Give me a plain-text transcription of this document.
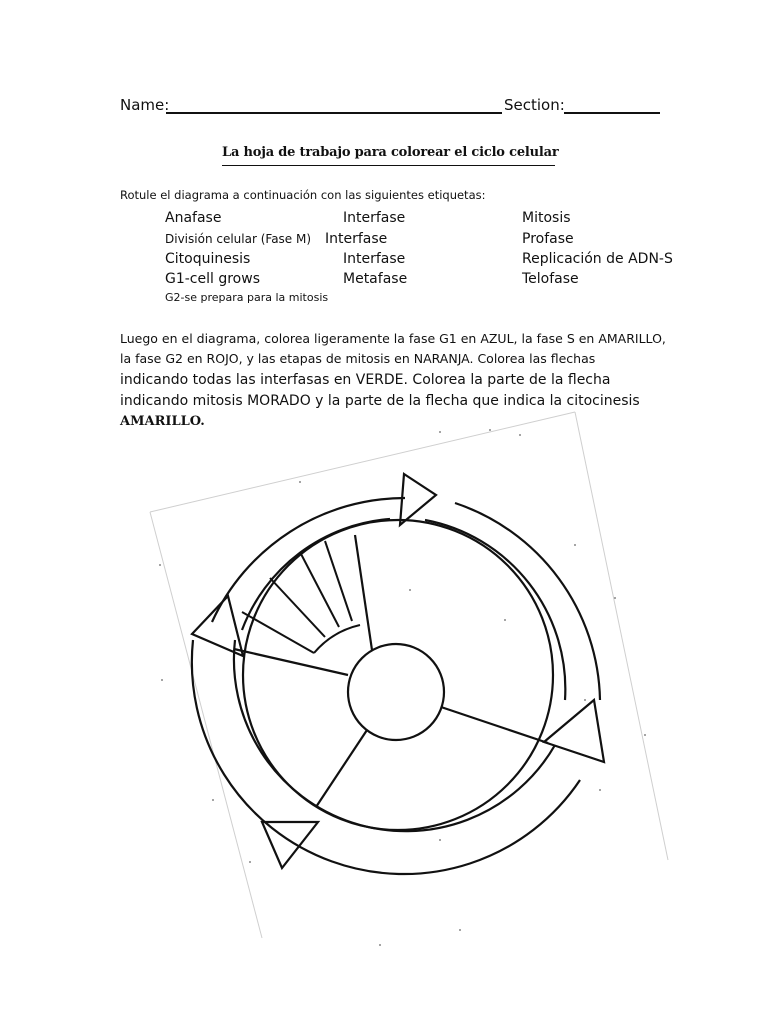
Name:	Section:
La hoja de trabajo para colorear el ciclo celular
Rotule el diagrama a continuación con las siguientes etiquetas:
Anafase
División celular (Fase M)
Citoquinesis
G1-cell grows
G2-se prepara para la mitosis
Interfase
Interfase
Interfase
Metafase
Mitosis
Profase
Replicación de ADN-S
Telofase
Luego en el diagrama, colorea ligeramente la fase G1 en AZUL, la fase S en AMARILLO,
la fase G2 en ROJO, y las etapas de mitosis en NARANJA. Colorea las flechas
indicando todas las interfasas en VERDE. Colorea la parte de la flecha
indicando mitosis MORADO y la parte de la flecha que indica la citocinesis
AMARILLO.
